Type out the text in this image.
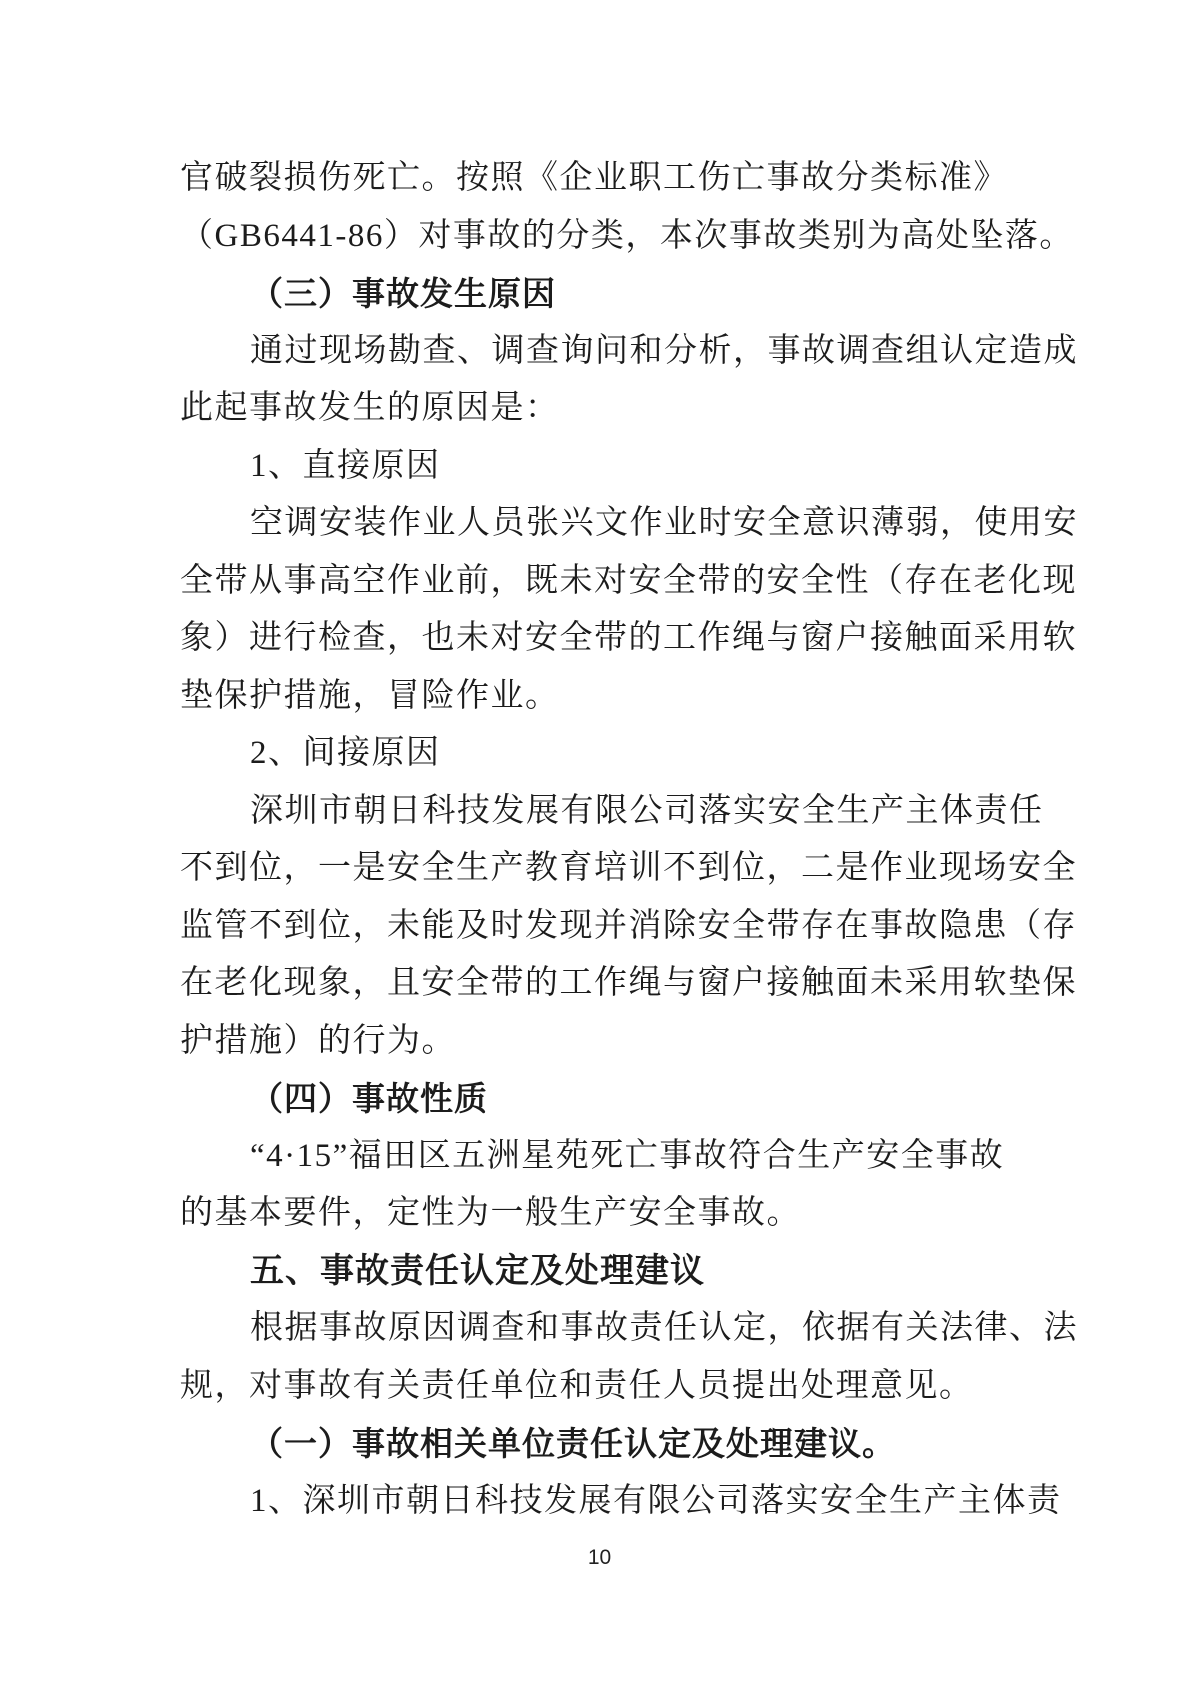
官破裂损伤死亡。按照《企业职工伤亡事故分类标准》
（GB6441-86）对事故的分类，本次事故类别为高处坠落。
（三）事故发生原因
通过现场勘查、调查询问和分析，事故调查组认定造成
此起事故发生的原因是：
1、直接原因
空调安装作业人员张兴文作业时安全意识薄弱，使用安
全带从事高空作业前，既未对安全带的安全性（存在老化现
象）进行检查，也未对安全带的工作绳与窗户接触面采用软
垫保护措施，冒险作业。
2、间接原因
深圳市朝日科技发展有限公司落实安全生产主体责任
不到位，一是安全生产教育培训不到位，二是作业现场安全
监管不到位，未能及时发现并消除安全带存在事故隐患（存
在老化现象，且安全带的工作绳与窗户接触面未采用软垫保
护措施）的行为。
（四）事故性质
“4·15”福田区五洲星苑死亡事故符合生产安全事故
的基本要件，定性为一般生产安全事故。
五、事故责任认定及处理建议
根据事故原因调查和事故责任认定，依据有关法律、法
规，对事故有关责任单位和责任人员提出处理意见。
（一）事故相关单位责任认定及处理建议。
1、深圳市朝日科技发展有限公司落实安全生产主体责
10
